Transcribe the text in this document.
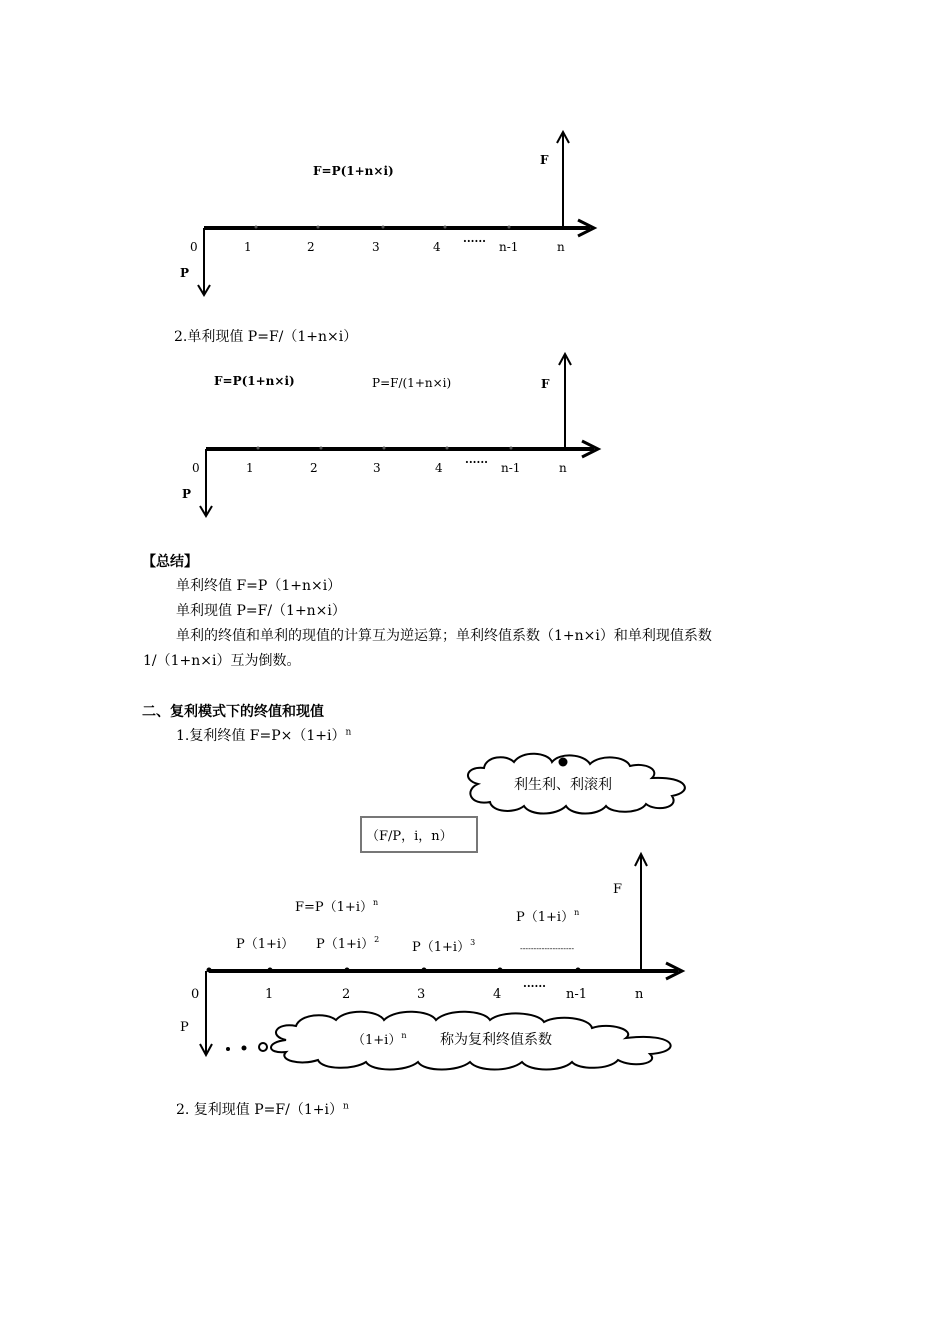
F=P(1+n×i)
F
P
0	1	2	3	4 ······ n-1	n
2.单利现值 P=F/（1+n×i）
F=P(1+n×i)	P=F/(1+n×i)	F
P
0	1	2	3	4 ······ n-1	n
【总结】
单利终值 F=P（1+n×i）
单利现值 P=F/（1+n×i）
单利的终值和单利的现值的计算互为逆运算；单利终值系数（1+n×i）和单利现值系数
1/（1+n×i）互为倒数。
二、复利模式下的终值和现值
1.复利终值 $F=P\times(1+i)^n$
利生利、利滚利
（F/P，i，n）
F
P
$F=P(1+i)^n$
P（1+i） $P(1+i)^2$
$P(1+i)^3$
$P(1+i)^n$
--------------------
0	1	2	3	4
······
n-1	n
$(1+i)^n$ 称为复利终值系数
2. 复利现值 $P=F/(1+i)^n$
